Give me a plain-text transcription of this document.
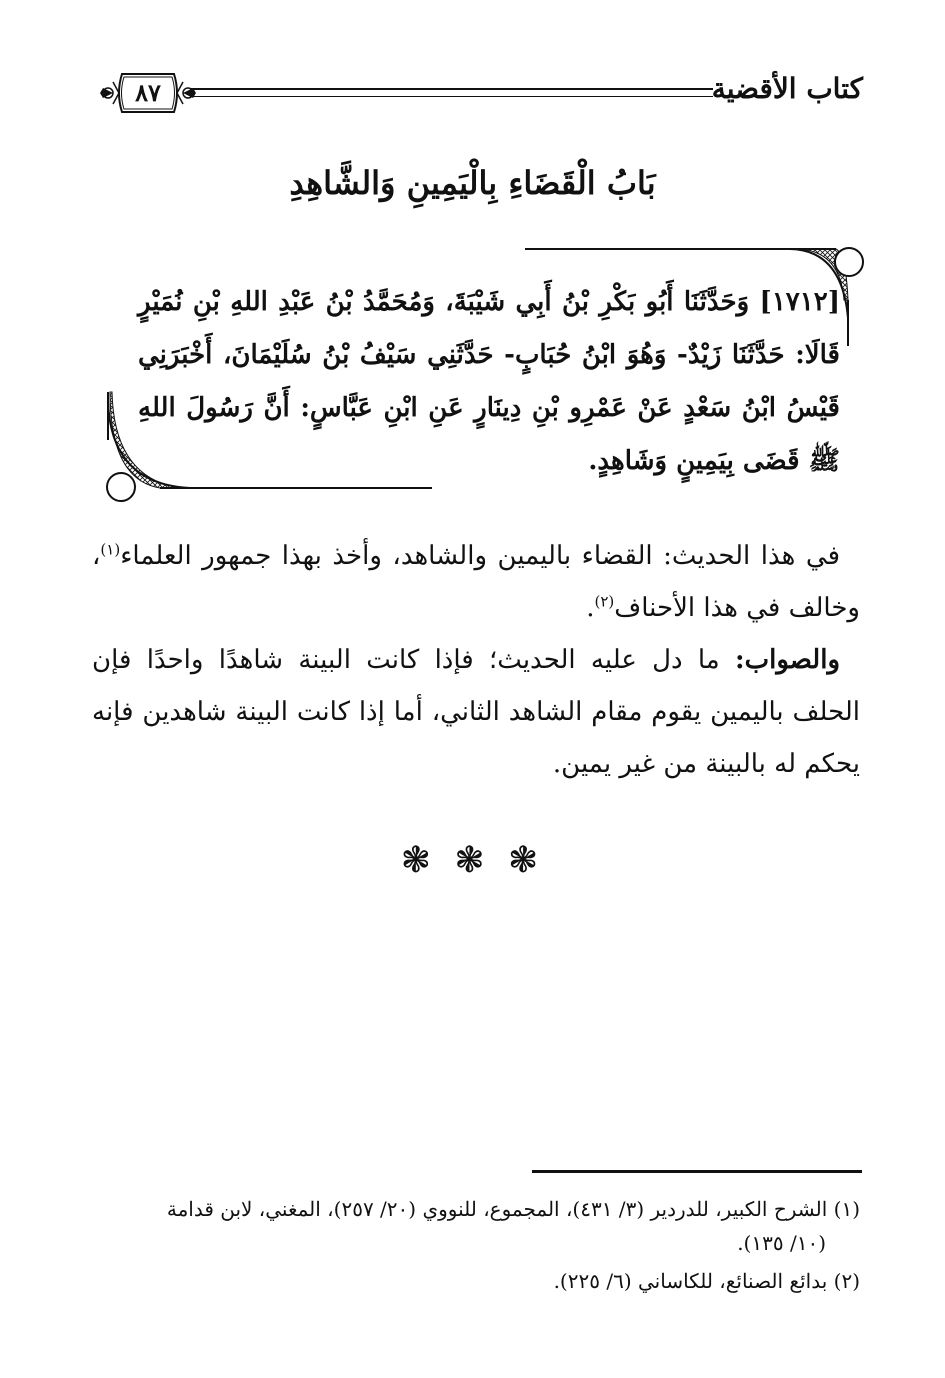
كتاب الأقضية
٨٧
بَابُ الْقَضَاءِ بِالْيَمِينِ وَالشَّاهِدِ
[١٧١٢] وَحَدَّثَنَا أَبُو بَكْرِ بْنُ أَبِي شَيْبَةَ، وَمُحَمَّدُ بْنُ عَبْدِ اللهِ بْنِ نُمَيْرٍ قَالَا: حَدَّثَنَا زَيْدٌ- وَهُوَ ابْنُ حُبَابٍ- حَدَّثَنِي سَيْفُ بْنُ سُلَيْمَانَ، أَخْبَرَنِي قَيْسُ ابْنُ سَعْدٍ عَنْ عَمْرِو بْنِ دِينَارٍ عَنِ ابْنِ عَبَّاسٍ: أَنَّ رَسُولَ اللهِ ﷺ قَضَى بِيَمِينٍ وَشَاهِدٍ.

في هذا الحديث: القضاء باليمين والشاهد، وأخذ بهذا جمهور العلماء$^{(١)}$، وخالف في هذا الأحناف$^{(٢)}$.

والصواب: ما دل عليه الحديث؛ فإذا كانت البينة شاهدًا واحدًا فإن الحلف باليمين يقوم مقام الشاهد الثاني، أما إذا كانت البينة شاهدين فإنه يحكم له بالبينة من غير يمين.

❃ ❃ ❃
(١) الشرح الكبير، للدردير (٣/ ٤٣١)، المجموع، للنووي (٢٠/ ٢٥٧)، المغني، لابن قدامة
(١٠/ ١٣٥).
(٢) بدائع الصنائع، للكاساني (٦/ ٢٢٥).
